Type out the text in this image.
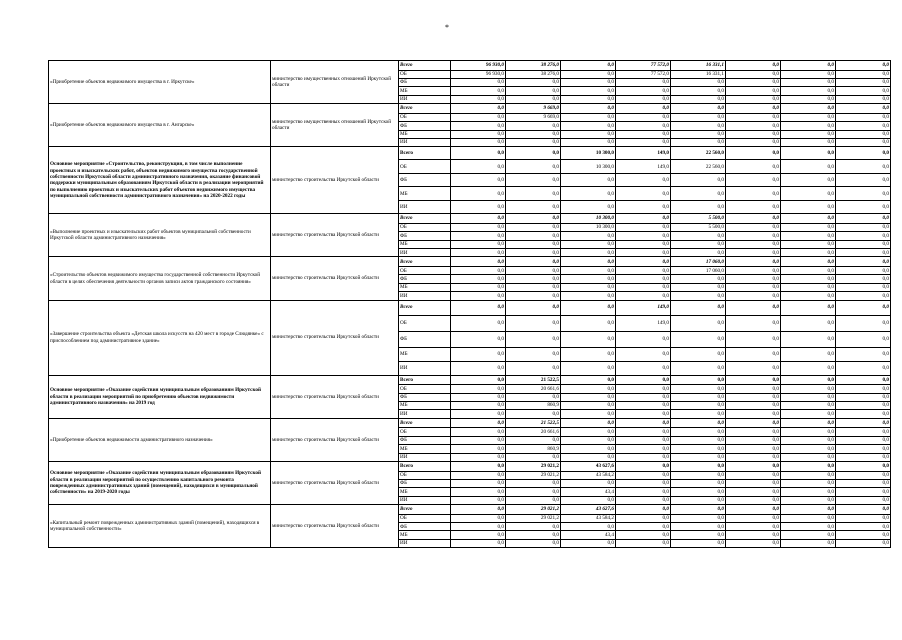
*
«Приобретение объектов недвижимого имущества в г. Иркутске»	министерство имущественных отношений Иркутской области	Всего	96 930,0	38 276,0	0,0	77 572,0	16 331,1	0,0	0,0	0,0
		ОБ	96 930,0	38 276,0	0,0	77 572,0	16 331,1	0,0	0,0	0,0
		ФБ	0,0	0,0	0,0	0,0	0,0	0,0	0,0	0,0
		МБ	0,0	0,0	0,0	0,0	0,0	0,0	0,0	0,0
		ИИ	0,0	0,0	0,0	0,0	0,0	0,0	0,0	0,0
«Приобретение объектов недвижимого имущества в г. Ангарске»	министерство имущественных отношений Иркутской области	Всего	0,0	9 669,0	0,0	0,0	0,0	0,0	0,0	0,0
		ОБ	0,0	9 669,0	0,0	0,0	0,0	0,0	0,0	0,0
		ФБ	0,0	0,0	0,0	0,0	0,0	0,0	0,0	0,0
		МБ	0,0	0,0	0,0	0,0	0,0	0,0	0,0	0,0
		ИИ	0,0	0,0	0,0	0,0	0,0	0,0	0,0	0,0
Основное мероприятие «Строительство, реконструкция, в том числе выполнение проектных и изыскательских работ, объектов недвижимого имущества государственной собственности Иркутской области административного назначения, оказание финансовой поддержки муниципальным образованиям Иркутской области в реализации мероприятий по выполнению проектных и изыскательских работ объектов недвижимого имущества муниципальной собственности административного назначения» на 2020-2022 годы	министерство строительства Иркутской области	Всего	0,0	0,0	10 300,0	149,0	22 560,0	0,0	0,0	0,0
		ОБ	0,0	0,0	10 300,0	149,0	22 560,0	0,0	0,0	0,0
		ФБ	0,0	0,0	0,0	0,0	0,0	0,0	0,0	0,0
		МБ	0,0	0,0	0,0	0,0	0,0	0,0	0,0	0,0
		ИИ	0,0	0,0	0,0	0,0	0,0	0,0	0,0	0,0
«Выполнение проектных и изыскательских работ объектов муниципальной собственности Иркутской области административного назначения»	министерство строительства Иркутской области	Всего	0,0	0,0	10 300,0	0,0	5 500,0	0,0	0,0	0,0
		ОБ	0,0	0,0	10 300,0	0,0	5 500,0	0,0	0,0	0,0
		ФБ	0,0	0,0	0,0	0,0	0,0	0,0	0,0	0,0
		МБ	0,0	0,0	0,0	0,0	0,0	0,0	0,0	0,0
		ИИ	0,0	0,0	0,0	0,0	0,0	0,0	0,0	0,0
«Строительство объектов недвижимого имущества государственной собственности Иркутской области в целях обеспечения деятельности органов записи актов гражданского состояния»	министерство строительства Иркутской области	Всего	0,0	0,0	0,0	0,0	17 060,0	0,0	0,0	0,0
		ОБ	0,0	0,0	0,0	0,0	17 060,0	0,0	0,0	0,0
		ФБ	0,0	0,0	0,0	0,0	0,0	0,0	0,0	0,0
		МБ	0,0	0,0	0,0	0,0	0,0	0,0	0,0	0,0
		ИИ	0,0	0,0	0,0	0,0	0,0	0,0	0,0	0,0
«Завершение строительства объекта «Детская школа искусств на 420 мест в городе Слюдянке» с приспособлением под административное здание»	министерство строительства Иркутской области	Всего	0,0	0,0	0,0	149,0	0,0	0,0	0,0	0,0
		ОБ	0,0	0,0	0,0	149,0	0,0	0,0	0,0	0,0
		ФБ	0,0	0,0	0,0	0,0	0,0	0,0	0,0	0,0
		МБ	0,0	0,0	0,0	0,0	0,0	0,0	0,0	0,0
		ИИ	0,0	0,0	0,0	0,0	0,0	0,0	0,0	0,0
Основное мероприятие «Оказание содействия муниципальным образованиям Иркутской области в реализации мероприятий по приобретению объектов недвижимости административного назначения» на 2019 год	министерство строительства Иркутской области	Всего	0,0	21 522,5	0,0	0,0	0,0	0,0	0,0	0,0
		ОБ	0,0	20 661,6	0,0	0,0	0,0	0,0	0,0	0,0
		ФБ	0,0	0,0	0,0	0,0	0,0	0,0	0,0	0,0
		МБ	0,0	860,9	0,0	0,0	0,0	0,0	0,0	0,0
		ИИ	0,0	0,0	0,0	0,0	0,0	0,0	0,0	0,0
«Приобретение объектов недвижимости административного назначения»	министерство строительства Иркутской области	Всего	0,0	21 522,5	0,0	0,0	0,0	0,0	0,0	0,0
		ОБ	0,0	20 661,6	0,0	0,0	0,0	0,0	0,0	0,0
		ФБ	0,0	0,0	0,0	0,0	0,0	0,0	0,0	0,0
		МБ	0,0	860,9	0,0	0,0	0,0	0,0	0,0	0,0
		ИИ	0,0	0,0	0,0	0,0	0,0	0,0	0,0	0,0
Основное мероприятие «Оказание содействия муниципальным образованиям Иркутской области в реализации мероприятий по осуществлению капитального ремонта поврежденных административных зданий (помещений), находящихся в муниципальной собственности» на 2019-2020 годы	министерство строительства Иркутской области	Всего	0,0	29 021,2	43 627,6	0,0	0,0	0,0	0,0	0,0
		ОБ	0,0	29 021,2	43 584,2	0,0	0,0	0,0	0,0	0,0
		ФБ	0,0	0,0	0,0	0,0	0,0	0,0	0,0	0,0
		МБ	0,0	0,0	43,4	0,0	0,0	0,0	0,0	0,0
		ИИ	0,0	0,0	0,0	0,0	0,0	0,0	0,0	0,0
«Капитальный ремонт поврежденных административных зданий (помещений), находящихся в муниципальной собственности»	министерство строительства Иркутской области	Всего	0,0	29 021,2	43 627,6	0,0	0,0	0,0	0,0	0,0
		ОБ	0,0	29 021,2	43 584,2	0,0	0,0	0,0	0,0	0,0
		ФБ	0,0	0,0	0,0	0,0	0,0	0,0	0,0	0,0
		МБ	0,0	0,0	43,4	0,0	0,0	0,0	0,0	0,0
		ИИ	0,0	0,0	0,0	0,0	0,0	0,0	0,0	0,0
